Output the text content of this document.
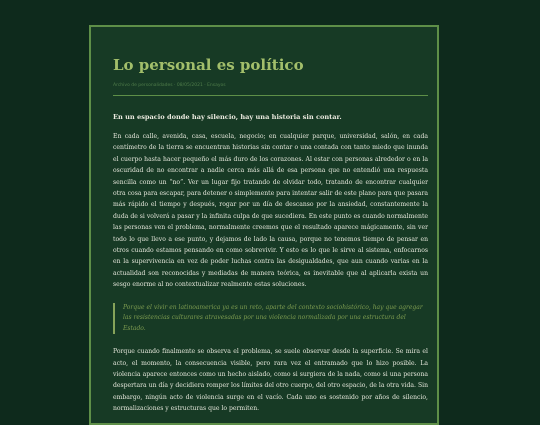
Lo personal es político
Archivo de personalidades · 08/05/2021 · Ensayos
En un espacio donde hay silencio, hay una historia sin contar.
En cada calle, avenida, casa, escuela, negocio; en cualquier parque, universidad, salón, en cada centímetro de la tierra se encuentran historias sin contar o una contada con tanto miedo que inunda el cuerpo hasta hacer pequeño el más duro de los corazones. Al estar con personas alrededor o en la oscuridad de no encontrar a nadie cerca más allá de esa persona que no entendió una respuesta sencilla como un “no”. Ver un lugar fijo tratando de olvidar todo, tratando de encontrar cualquier otra cosa para escapar, para detener o simplemente para intentar salir de este plano para que pasara más rápido el tiempo y después, rogar por un día de descanso por la ansiedad, constantemente la duda de si volverá a pasar y la infinita culpa de que sucediera. En este punto es cuando normalmente las personas ven el problema, normalmente creemos que el resultado aparece mágicamente, sin ver todo lo que llevo a ese punto, y dejamos de lado la causa, porque no tenemos tiempo de pensar en otros cuando estamos pensando en como sobrevivir. Y esto es lo que le sirve al sistema, enfocarnos en la supervivencia en vez de poder luchas contra las desigualdades, que aun cuando varias en la actualidad son reconocidas y mediadas de manera teórica, es inevitable que al aplicarla exista un sesgo enorme al no contextualizar realmente estas soluciones.
Porque el vivir en latinoamerica ya es un reto, aparte del contexto sociohistórico, hay que agregar las resistencias culturares atravesadas por una violencia normalizada por una estructura del Estado.
Porque cuando finalmente se observa el problema, se suele observar desde la superficie. Se mira el acto, el momento, la consecuencia visible, pero rara vez el entramado que lo hizo posible. La violencia aparece entonces como un hecho aislado, como si surgiera de la nada, como si una persona despertara un día y decidiera romper los límites del otro cuerpo, del otro espacio, de la otra vida. Sin embargo, ningún acto de violencia surge en el vacío. Cada uno es sostenido por años de silencio, normalizaciones y estructuras que lo permiten.
